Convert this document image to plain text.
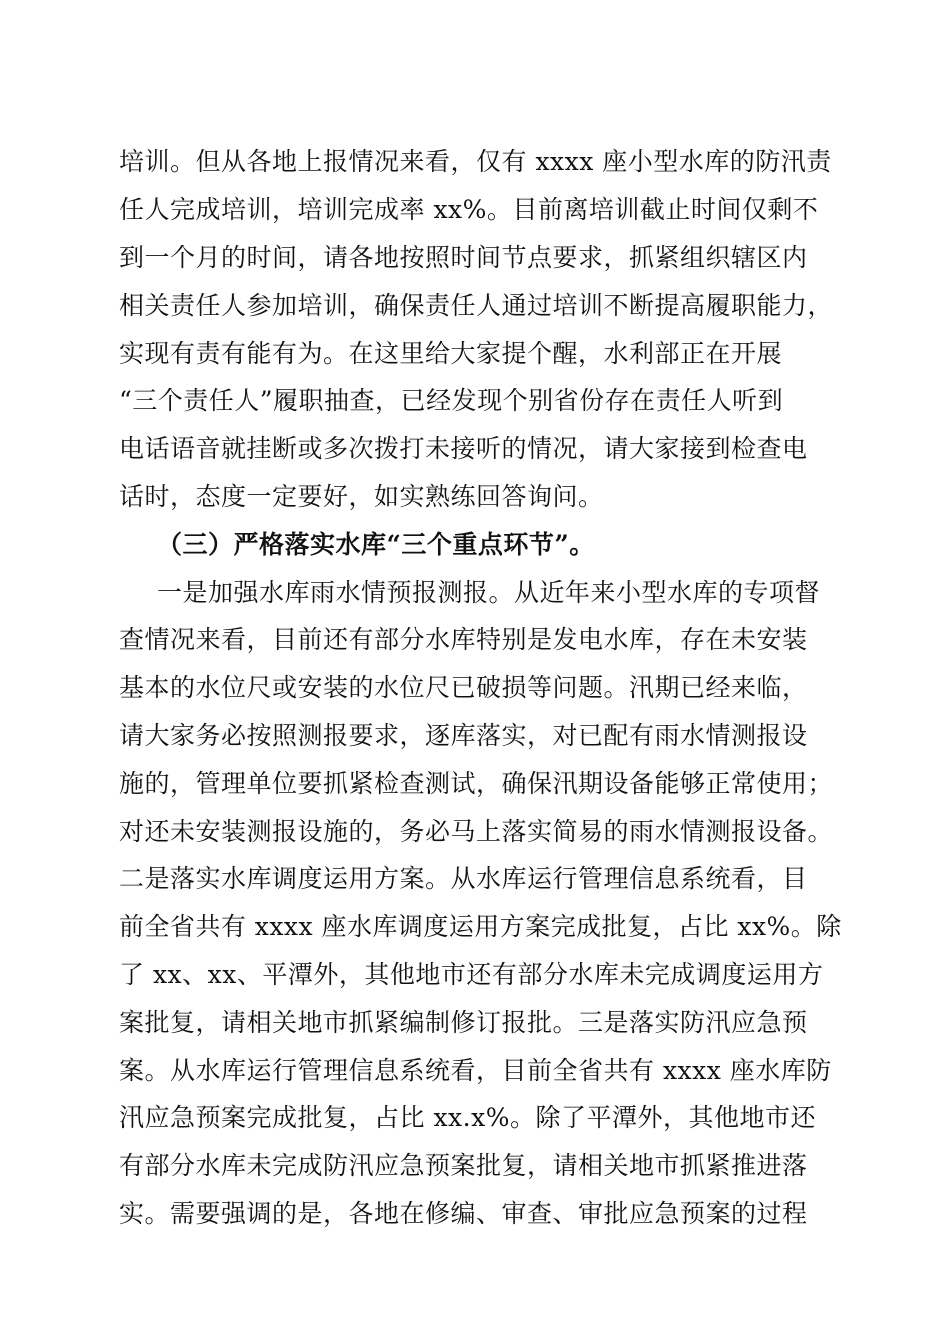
培训。但从各地上报情况来看，仅有 xxxx 座小型水库的防汛责
任人完成培训，培训完成率 xx%。目前离培训截止时间仅剩不
到一个月的时间，请各地按照时间节点要求，抓紧组织辖区内
相关责任人参加培训，确保责任人通过培训不断提高履职能力，
实现有责有能有为。在这里给大家提个醒，水利部正在开展
“三个责任人”履职抽查，已经发现个别省份存在责任人听到
电话语音就挂断或多次拨打未接听的情况，请大家接到检查电
话时，态度一定要好，如实熟练回答询问。
（三）严格落实水库“三个重点环节”。
一是加强水库雨水情预报测报。从近年来小型水库的专项督
查情况来看，目前还有部分水库特别是发电水库，存在未安装
基本的水位尺或安装的水位尺已破损等问题。汛期已经来临，
请大家务必按照测报要求，逐库落实，对已配有雨水情测报设
施的，管理单位要抓紧检查测试，确保汛期设备能够正常使用；
对还未安装测报设施的，务必马上落实简易的雨水情测报设备。
二是落实水库调度运用方案。从水库运行管理信息系统看，目
前全省共有 xxxx 座水库调度运用方案完成批复，占比 xx%。除
了 xx、xx、平潭外，其他地市还有部分水库未完成调度运用方
案批复，请相关地市抓紧编制修订报批。三是落实防汛应急预
案。从水库运行管理信息系统看，目前全省共有 xxxx 座水库防
汛应急预案完成批复，占比 xx.x%。除了平潭外，其他地市还
有部分水库未完成防汛应急预案批复，请相关地市抓紧推进落
实。需要强调的是，各地在修编、审查、审批应急预案的过程
